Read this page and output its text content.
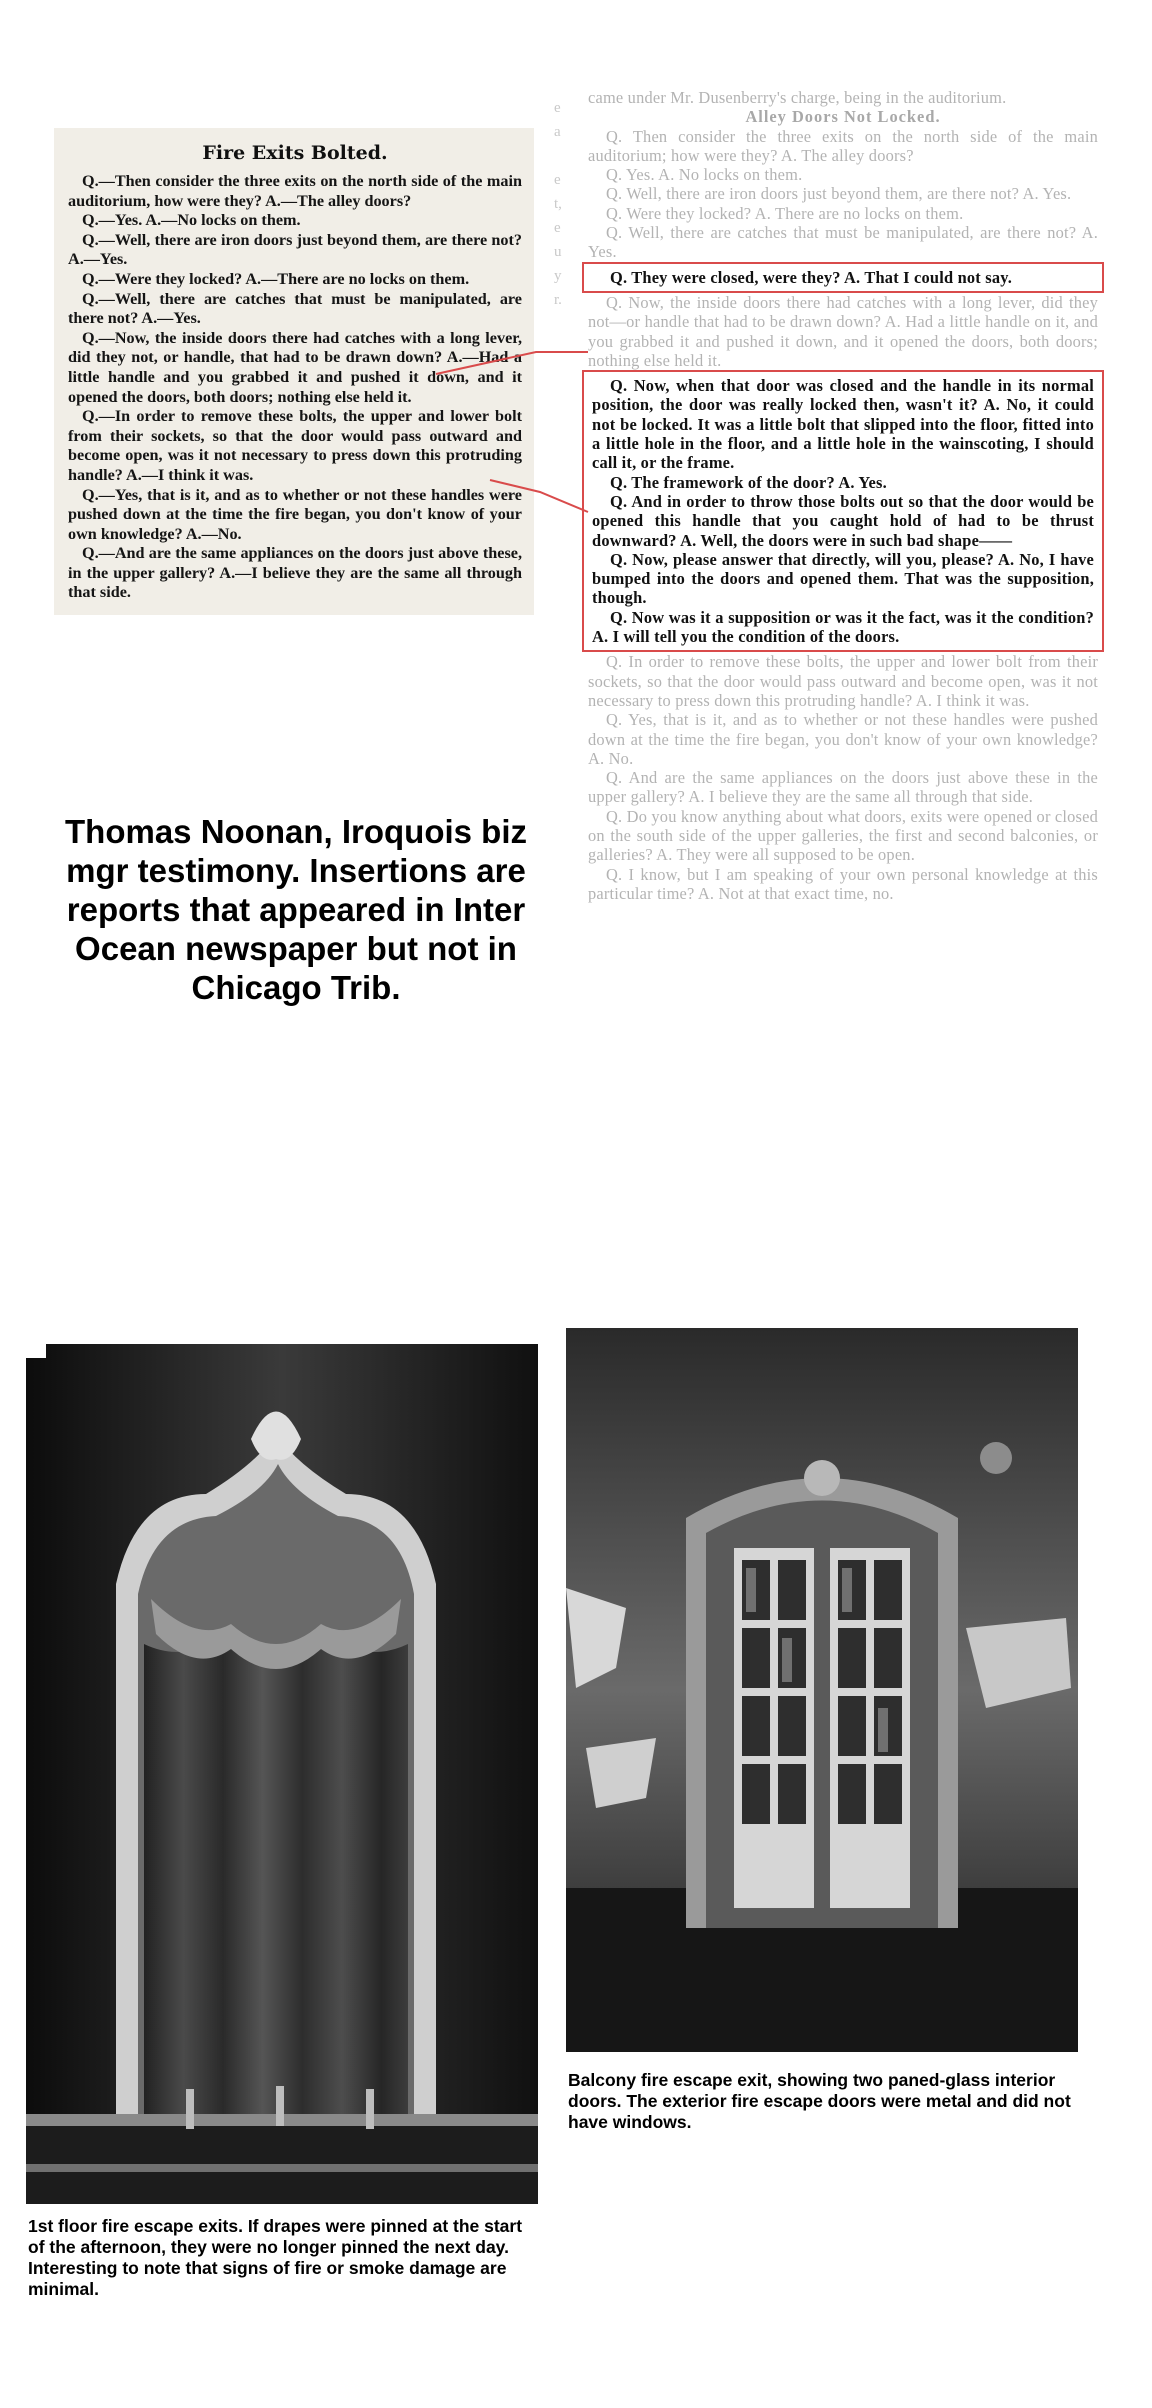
Fire Exits Bolted.

Q.—Then consider the three exits on the north side of the main auditorium, how were they? A.—The alley doors?

Q.—Yes. A.—No locks on them.

Q.—Well, there are iron doors just beyond them, are there not? A.—Yes.

Q.—Were they locked? A.—There are no locks on them.

Q.—Well, there are catches that must be manipulated, are there not? A.—Yes.

Q.—Now, the inside doors there had catches with a long lever, did they not, or handle, that had to be drawn down? A.—Had a little handle and you grabbed it and pushed it down, and it opened the doors, both doors; nothing else held it.

Q.—In order to remove these bolts, the upper and lower bolt from their sockets, so that the door would pass outward and become open, was it not necessary to press down this protruding handle? A.—I think it was.

Q.—Yes, that is it, and as to whether or not these handles were pushed down at the time the fire began, you don't know of your own knowledge? A.—No.

Q.—And are the same appliances on the doors just above these, in the upper gallery? A.—I believe they are the same all through that side.

e
a

e
t,
e
u
y
r.

came under Mr. Dusenberry's charge, being in the auditorium.

Alley Doors Not Locked.

Q. Then consider the three exits on the north side of the main auditorium; how were they? A. The alley doors?

Q. Yes. A. No locks on them.

Q. Well, there are iron doors just beyond them, are there not? A. Yes.

Q. Were they locked? A. There are no locks on them.

Q. Well, there are catches that must be manipulated, are there not? A. Yes.

Q. They were closed, were they? A. That I could not say.

Q. Now, the inside doors there had catches with a long lever, did they not—or handle that had to be drawn down? A. Had a little handle on it, and you grabbed it and pushed it down, and it opened the doors, both doors; nothing else held it.

Q. Now, when that door was closed and the handle in its normal position, the door was really locked then, wasn't it? A. No, it could not be locked. It was a little bolt that slipped into the floor, fitted into a little hole in the floor, and a little hole in the wainscoting, I should call it, or the frame.

Q. The framework of the door? A. Yes.

Q. And in order to throw those bolts out so that the door would be opened this handle that you caught hold of had to be thrust downward? A. Well, the doors were in such bad shape——

Q. Now, please answer that directly, will you, please? A. No, I have bumped into the doors and opened them. That was the supposition, though.

Q. Now was it a supposition or was it the fact, was it the condition? A. I will tell you the condition of the doors.

Q. In order to remove these bolts, the upper and lower bolt from their sockets, so that the door would pass outward and become open, was it not necessary to press down this protruding handle? A. I think it was.

Q. Yes, that is it, and as to whether or not these handles were pushed down at the time the fire began, you don't know of your own knowledge? A. No.

Q. And are the same appliances on the doors just above these in the upper gallery? A. I believe they are the same all through that side.

Q. Do you know anything about what doors, exits were opened or closed on the south side of the upper galleries, the first and second balconies, or galleries? A. They were all supposed to be open.

Q. I know, but I am speaking of your own personal knowledge at this particular time? A. Not at that exact time, no.

Thomas Noonan, Iroquois biz mgr testimony. Insertions are reports that appeared in Inter Ocean newspaper but not in Chicago Trib.
1st floor fire escape exits. If drapes were pinned at the start of the afternoon, they were no longer pinned the next day. Interesting to note that signs of fire or smoke damage are minimal.
Balcony fire escape exit, showing two paned-glass interior doors. The exterior fire escape doors were metal and did not have windows.
